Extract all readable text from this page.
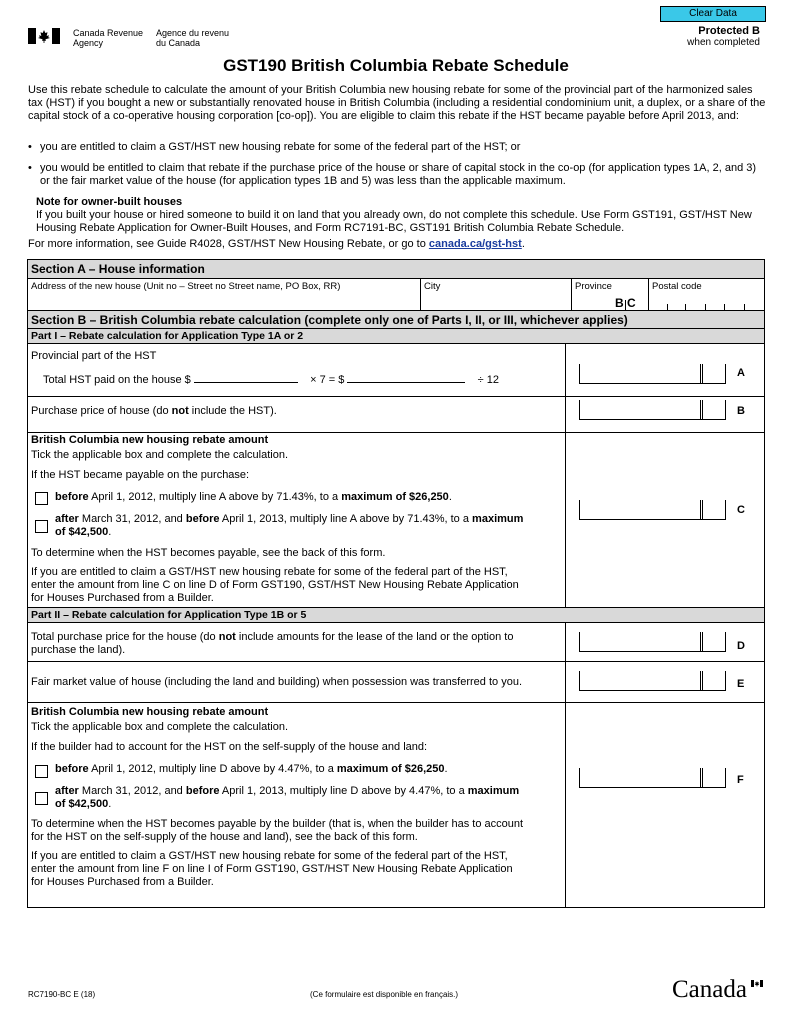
Clear Data
Canada Revenue
Agency
Agence du revenu
du Canada
Protected B
when completed
GST190 British Columbia Rebate Schedule

Use this rebate schedule to calculate the amount of your British Columbia new housing rebate for some of the provincial part of the harmonized sales tax (HST) if you bought a new or substantially renovated house in British Columbia (including a residential condominium unit, a duplex, or a share of the capital stock of a co-operative housing corporation [co-op]). You are eligible to claim this rebate if the HST became payable before April 2013, and:

• you are entitled to claim a GST/HST new housing rebate for some of the federal part of the HST; or
• you would be entitled to claim that rebate if the purchase price of the house or share of capital stock in the co-op (for application types 1A, 2, and 3) or the fair market value of the house (for application types 1B and 5) was less than the applicable maximum.
Note for owner-built houses
If you built your house or hired someone to build it on land that you already own, do not complete this schedule. Use Form GST191, GST/HST New Housing Rebate Application for Owner-Built Houses, and Form RC7191-BC, GST191 British Columbia Rebate Schedule.
For more information, see Guide R4028, GST/HST New Housing Rebate, or go to canada.ca/gst-hst.
Section A – House information
Address of the new house (Unit no – Street no Street name, PO Box, RR)	City	Province
B C
Postal code
Section B – British Columbia rebate calculation (complete only one of Parts I, II, or III, whichever applies)
Part I – Rebate calculation for Application Type 1A or 2
Provincial part of the HST
Total HST paid on the house $	× 7 = $	÷ 12
A
Purchase price of house (do not include the HST).	B
British Columbia new housing rebate amount
Tick the applicable box and complete the calculation.
If the HST became payable on the purchase:
before April 1, 2012, multiply line A above by 71.43%, to a maximum of $26,250.
after March 31, 2012, and before April 1, 2013, multiply line A above by 71.43%, to a maximum
of $42,500.
C
To determine when the HST becomes payable, see the back of this form.
If you are entitled to claim a GST/HST new housing rebate for some of the federal part of the HST,
enter the amount from line C on line D of Form GST190, GST/HST New Housing Rebate Application
for Houses Purchased from a Builder.
Part II – Rebate calculation for Application Type 1B or 5
Total purchase price for the house (do not include amounts for the lease of the land or the option to
purchase the land).	D
Fair market value of house (including the land and building) when possession was transferred to you.	E
British Columbia new housing rebate amount
Tick the applicable box and complete the calculation.
If the builder had to account for the HST on the self-supply of the house and land:
before April 1, 2012, multiply line D above by 4.47%, to a maximum of $26,250.
after March 31, 2012, and before April 1, 2013, multiply line D above by 4.47%, to a maximum
of $42,500.
F
To determine when the HST becomes payable by the builder (that is, when the builder has to account
for the HST on the self-supply of the house and land), see the back of this form.
If you are entitled to claim a GST/HST new housing rebate for some of the federal part of the HST,
enter the amount from line F on line I of Form GST190, GST/HST New Housing Rebate Application
for Houses Purchased from a Builder.
RC7190-BC E (18)	(Ce formulaire est disponible en français.)	Canada
